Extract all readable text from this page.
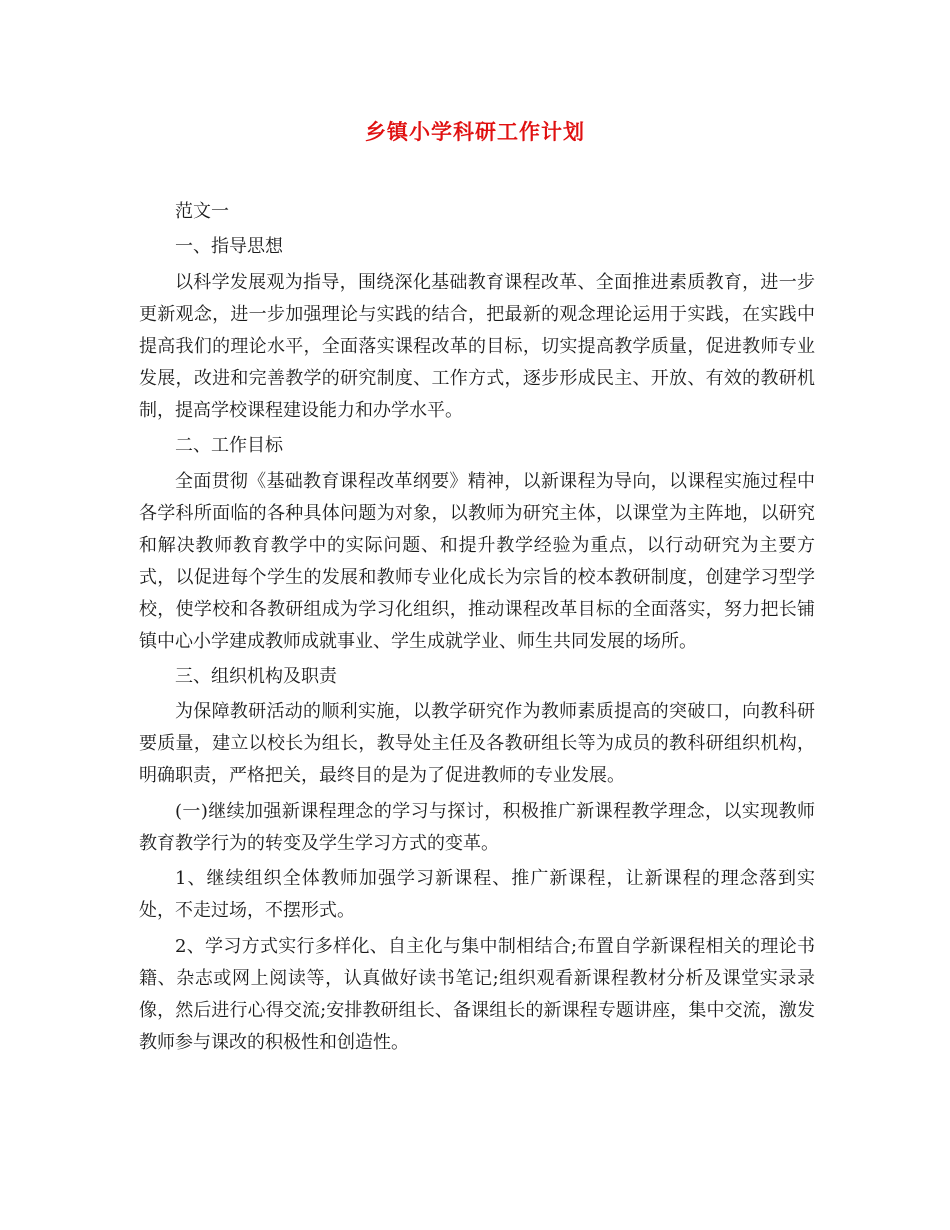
乡镇小学科研工作计划

范文一

一、指导思想

以科学发展观为指导，围绕深化基础教育课程改革、全面推进素质教育，进一步更新观念，进一步加强理论与实践的结合，把最新的观念理论运用于实践，在实践中提高我们的理论水平，全面落实课程改革的目标，切实提高教学质量，促进教师专业发展，改进和完善教学的研究制度、工作方式，逐步形成民主、开放、有效的教研机制，提高学校课程建设能力和办学水平。

二、工作目标

全面贯彻《基础教育课程改革纲要》精神，以新课程为导向，以课程实施过程中各学科所面临的各种具体问题为对象，以教师为研究主体，以课堂为主阵地，以研究和解决教师教育教学中的实际问题、和提升教学经验为重点，以行动研究为主要方式，以促进每个学生的发展和教师专业化成长为宗旨的校本教研制度，创建学习型学校，使学校和各教研组成为学习化组织，推动课程改革目标的全面落实，努力把长铺镇中心小学建成教师成就事业、学生成就学业、师生共同发展的场所。

三、组织机构及职责

为保障教研活动的顺利实施，以教学研究作为教师素质提高的突破口，向教科研要质量，建立以校长为组长，教导处主任及各教研组长等为成员的教科研组织机构，明确职责，严格把关，最终目的是为了促进教师的专业发展。

(一)继续加强新课程理念的学习与探讨，积极推广新课程教学理念，以实现教师教育教学行为的转变及学生学习方式的变革。

1、继续组织全体教师加强学习新课程、推广新课程，让新课程的理念落到实处，不走过场，不摆形式。

2、学习方式实行多样化、自主化与集中制相结合;布置自学新课程相关的理论书籍、杂志或网上阅读等，认真做好读书笔记;组织观看新课程教材分析及课堂实录录像，然后进行心得交流;安排教研组长、备课组长的新课程专题讲座，集中交流，激发教师参与课改的积极性和创造性。
